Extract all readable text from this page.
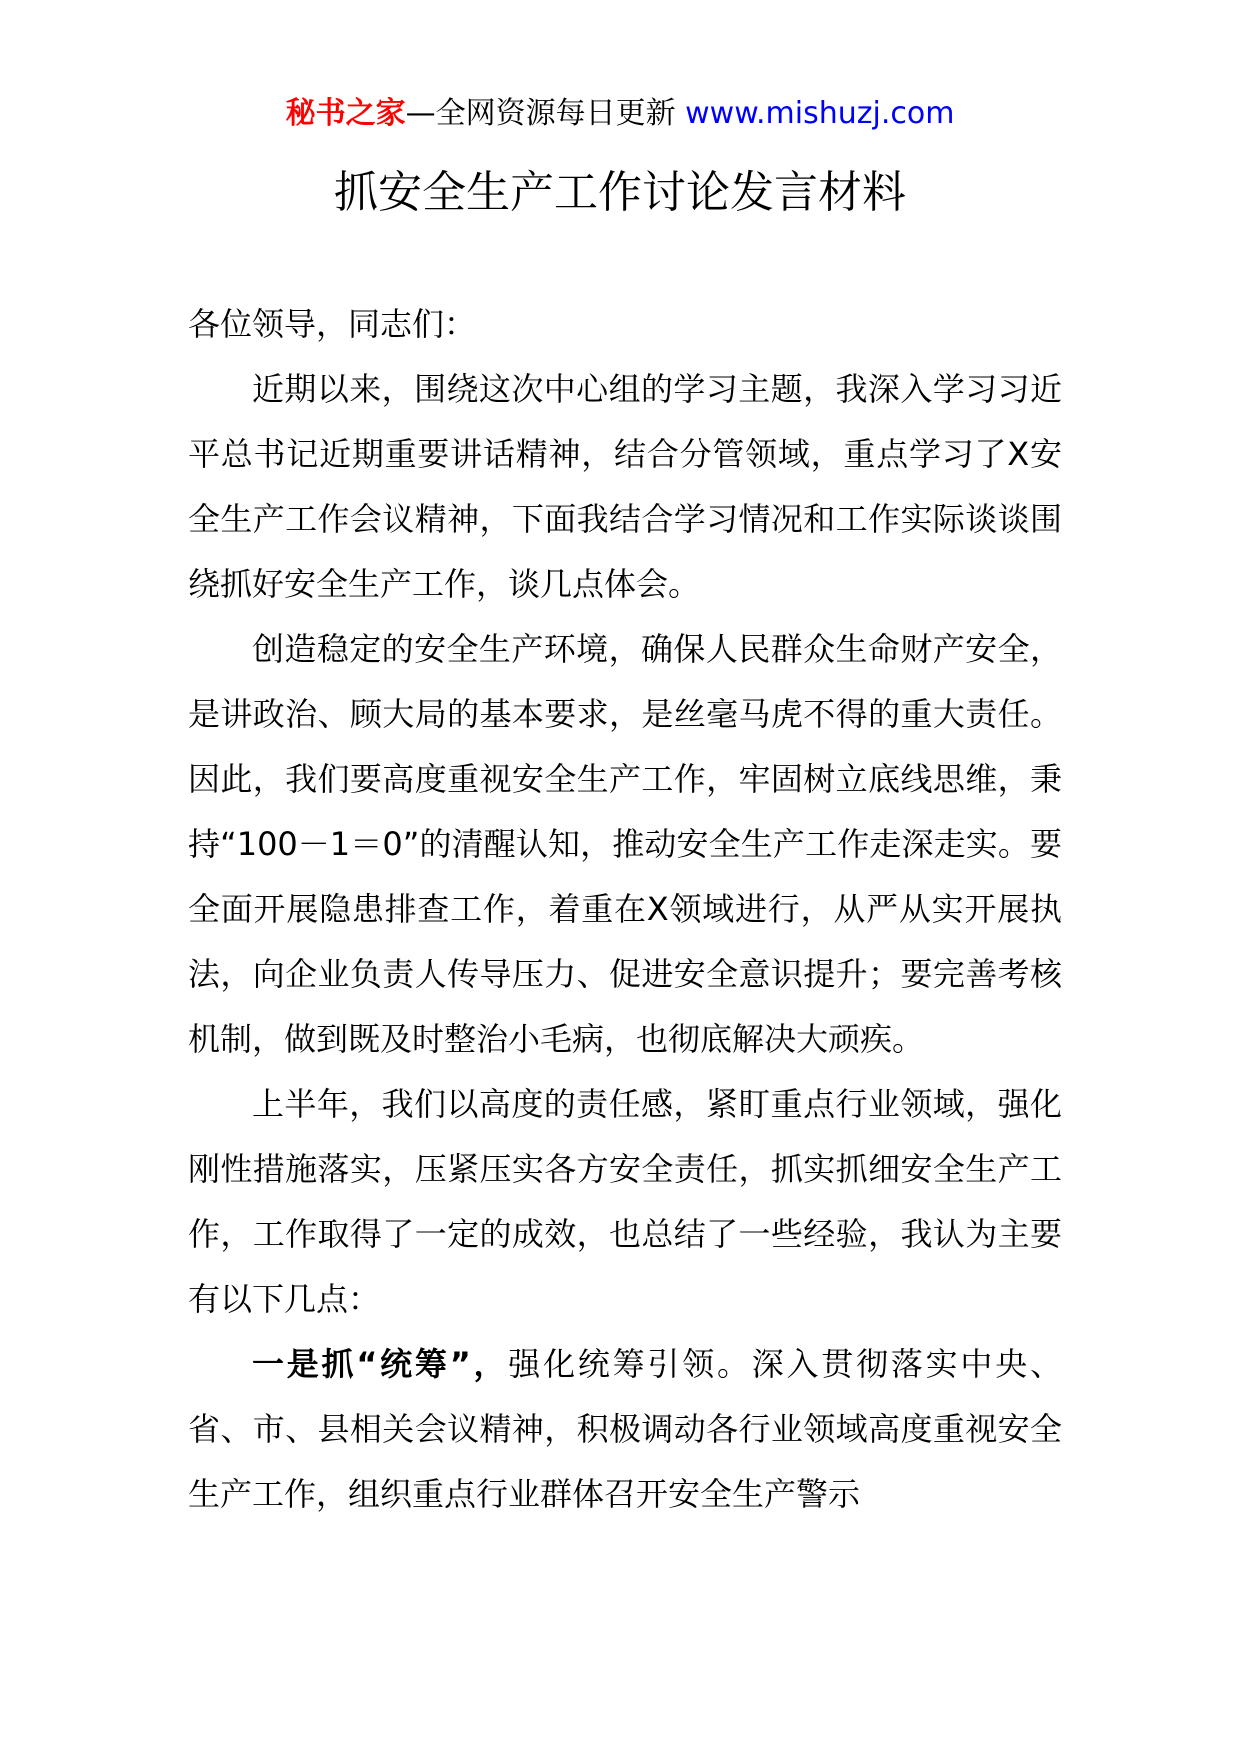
秘书之家—全网资源每日更新 www.mishuzj.com
抓安全生产工作讨论发言材料

各位领导，同志们：

近期以来，围绕这次中心组的学习主题，我深入学习习近平总书记近期重要讲话精神，结合分管领域，重点学习了X安全生产工作会议精神，下面我结合学习情况和工作实际谈谈围绕抓好安全生产工作，谈几点体会。

创造稳定的安全生产环境，确保人民群众生命财产安全，是讲政治、顾大局的基本要求，是丝毫马虎不得的重大责任。因此，我们要高度重视安全生产工作，牢固树立底线思维，秉持“100－1＝0”的清醒认知，推动安全生产工作走深走实。要全面开展隐患排查工作，着重在X领域进行，从严从实开展执法，向企业负责人传导压力、促进安全意识提升；要完善考核机制，做到既及时整治小毛病，也彻底解决大顽疾。

上半年，我们以高度的责任感，紧盯重点行业领域，强化刚性措施落实，压紧压实各方安全责任，抓实抓细安全生产工作，工作取得了一定的成效，也总结了一些经验，我认为主要有以下几点：

一是抓“统筹”，强化统筹引领。深入贯彻落实中央、省、市、县相关会议精神，积极调动各行业领域高度重视安全生产工作，组织重点行业群体召开安全生产警示
